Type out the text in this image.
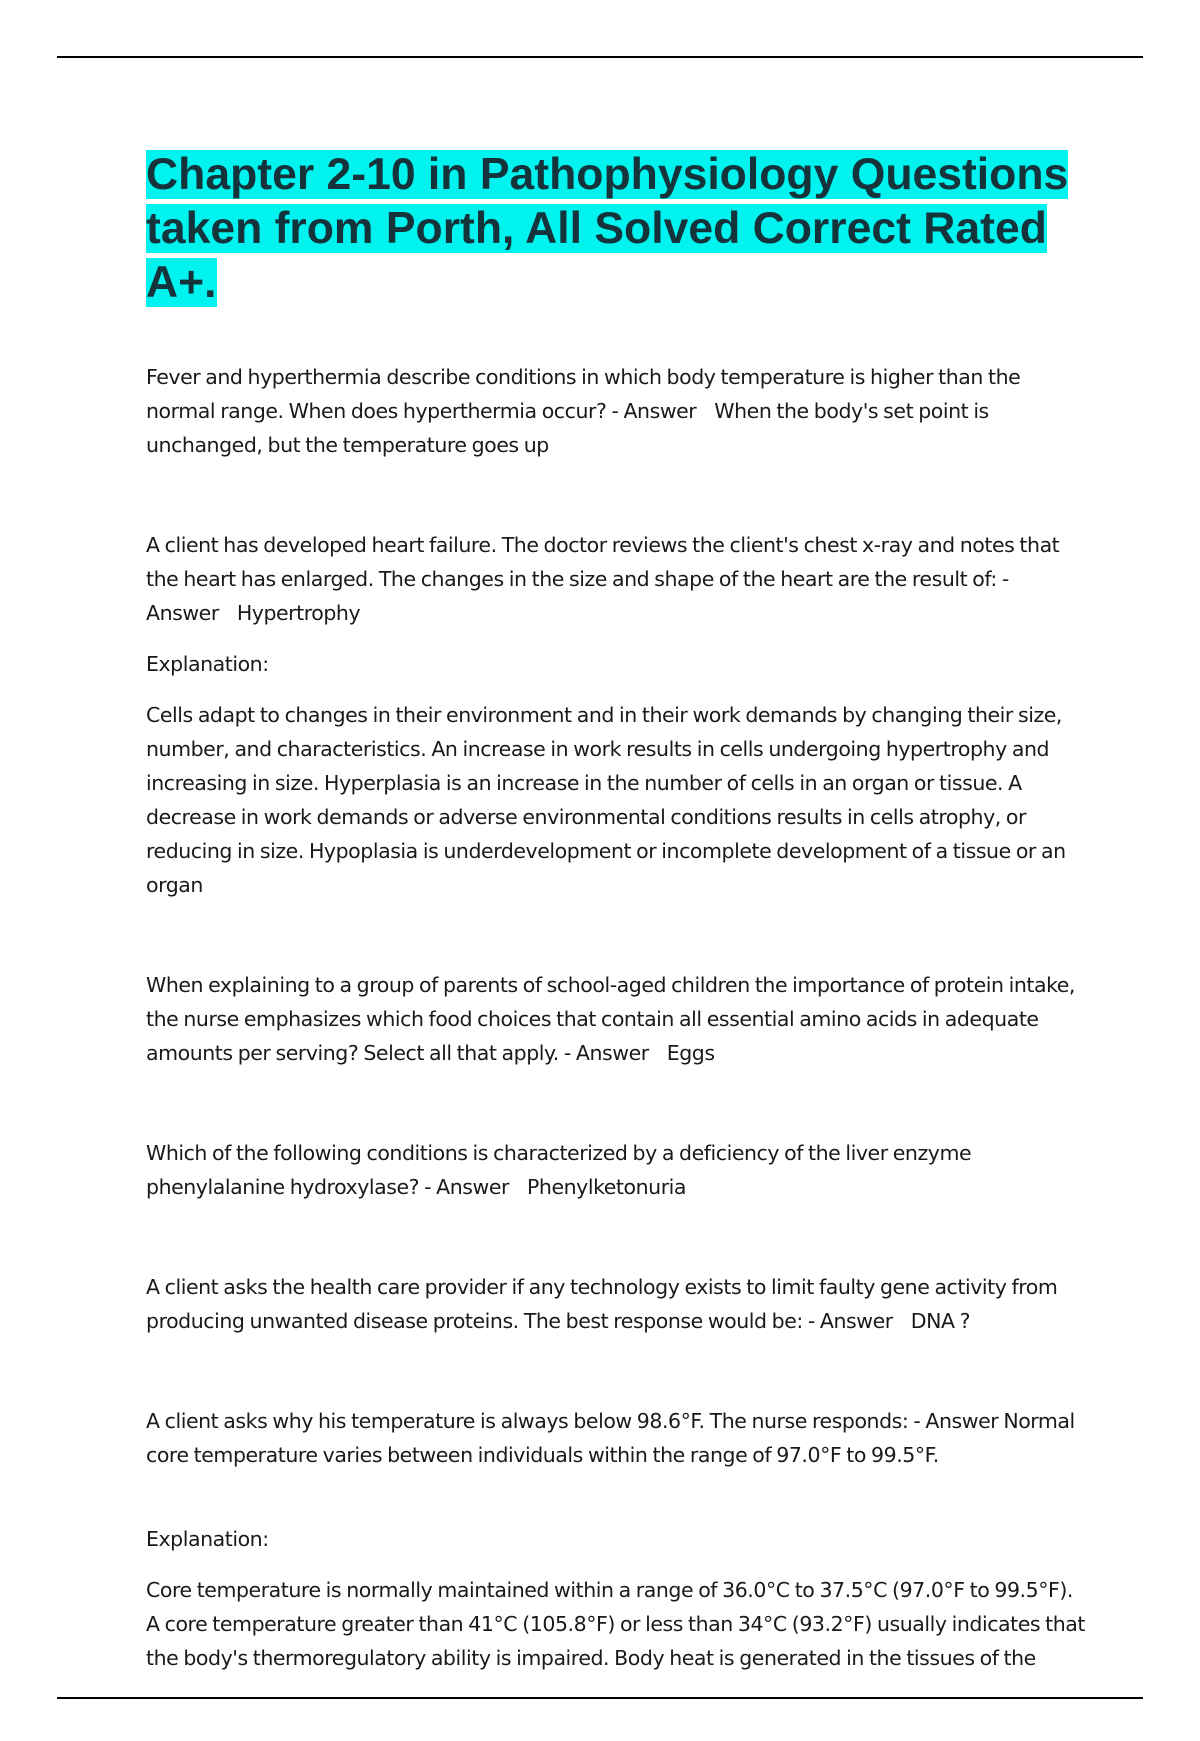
Chapter 2-10 in Pathophysiology Questions taken from Porth, All Solved Correct Rated A+.

Fever and hyperthermia describe conditions in which body temperature is higher than the normal range. When does hyperthermia occur? - Answer When the body's set point is unchanged, but the temperature goes up

A client has developed heart failure. The doctor reviews the client's chest x-ray and notes that the heart has enlarged. The changes in the size and shape of the heart are the result of: - Answer Hypertrophy

Explanation:

Cells adapt to changes in their environment and in their work demands by changing their size, number, and characteristics. An increase in work results in cells undergoing hypertrophy and increasing in size. Hyperplasia is an increase in the number of cells in an organ or tissue. A decrease in work demands or adverse environmental conditions results in cells atrophy, or reducing in size. Hypoplasia is underdevelopment or incomplete development of a tissue or an organ

When explaining to a group of parents of school-aged children the importance of protein intake, the nurse emphasizes which food choices that contain all essential amino acids in adequate amounts per serving? Select all that apply. - Answer Eggs

Which of the following conditions is characterized by a deficiency of the liver enzyme phenylalanine hydroxylase? - Answer Phenylketonuria

A client asks the health care provider if any technology exists to limit faulty gene activity from producing unwanted disease proteins. The best response would be: - Answer DNA ?

A client asks why his temperature is always below 98.6°F. The nurse responds: - Answer Normal core temperature varies between individuals within the range of 97.0°F to 99.5°F.

Explanation:

Core temperature is normally maintained within a range of 36.0°C to 37.5°C (97.0°F to 99.5°F). A core temperature greater than 41°C (105.8°F) or less than 34°C (93.2°F) usually indicates that the body's thermoregulatory ability is impaired. Body heat is generated in the tissues of the
